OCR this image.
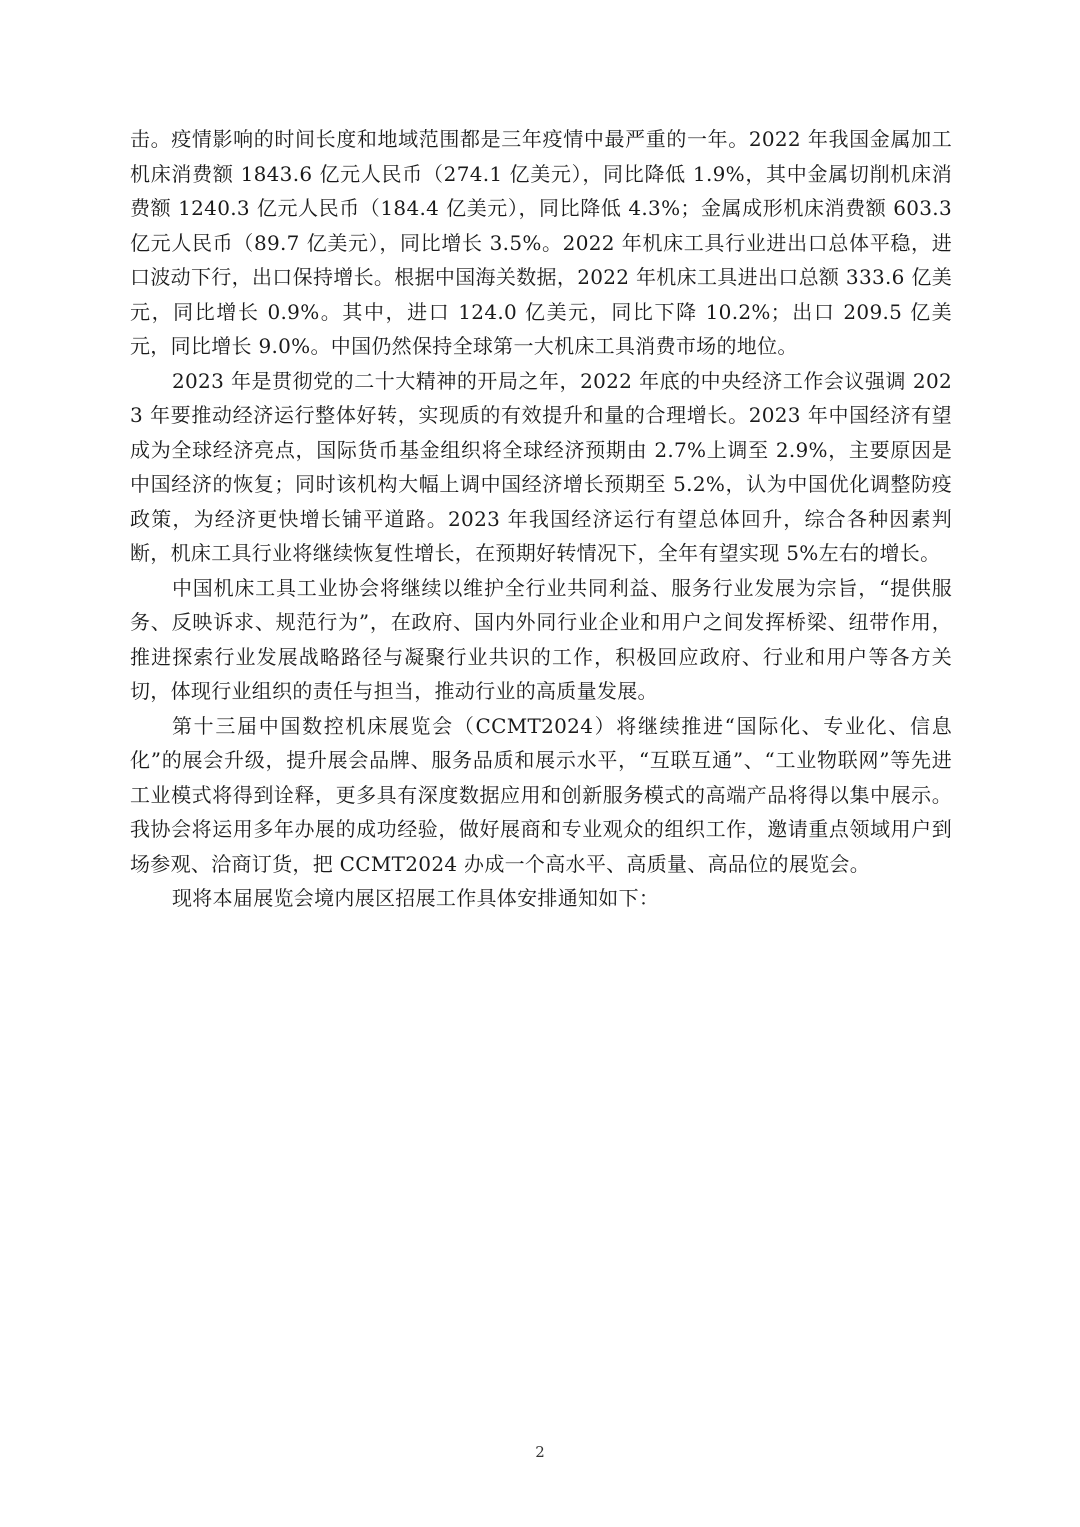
击。疫情影响的时间长度和地域范围都是三年疫情中最严重的一年。2022 年我国金属加工机床消费额 1843.6 亿元人民币（274.1 亿美元），同比降低 1.9%，其中金属切削机床消费额 1240.3 亿元人民币（184.4 亿美元），同比降低 4.3%；金属成形机床消费额 603.3 亿元人民币（89.7 亿美元），同比增长 3.5%。2022 年机床工具行业进出口总体平稳，进口波动下行，出口保持增长。根据中国海关数据，2022 年机床工具进出口总额 333.6 亿美元，同比增长 0.9%。其中，进口 124.0 亿美元，同比下降 10.2%；出口 209.5 亿美元，同比增长 9.0%。中国仍然保持全球第一大机床工具消费市场的地位。

2023 年是贯彻党的二十大精神的开局之年，2022 年底的中央经济工作会议强调 2023 年要推动经济运行整体好转，实现质的有效提升和量的合理增长。2023 年中国经济有望成为全球经济亮点，国际货币基金组织将全球经济预期由 2.7%上调至 2.9%，主要原因是中国经济的恢复；同时该机构大幅上调中国经济增长预期至 5.2%，认为中国优化调整防疫政策，为经济更快增长铺平道路。2023 年我国经济运行有望总体回升，综合各种因素判断，机床工具行业将继续恢复性增长，在预期好转情况下，全年有望实现 5%左右的增长。

中国机床工具工业协会将继续以维护全行业共同利益、服务行业发展为宗旨，“提供服务、反映诉求、规范行为”，在政府、国内外同行业企业和用户之间发挥桥梁、纽带作用，推进探索行业发展战略路径与凝聚行业共识的工作，积极回应政府、行业和用户等各方关切，体现行业组织的责任与担当，推动行业的高质量发展。

第十三届中国数控机床展览会（CCMT2024）将继续推进“国际化、专业化、信息化”的展会升级，提升展会品牌、服务品质和展示水平，“互联互通”、“工业物联网”等先进工业模式将得到诠释，更多具有深度数据应用和创新服务模式的高端产品将得以集中展示。我协会将运用多年办展的成功经验，做好展商和专业观众的组织工作，邀请重点领域用户到场参观、洽商订货，把 CCMT2024 办成一个高水平、高质量、高品位的展览会。

现将本届展览会境内展区招展工作具体安排通知如下：

2
